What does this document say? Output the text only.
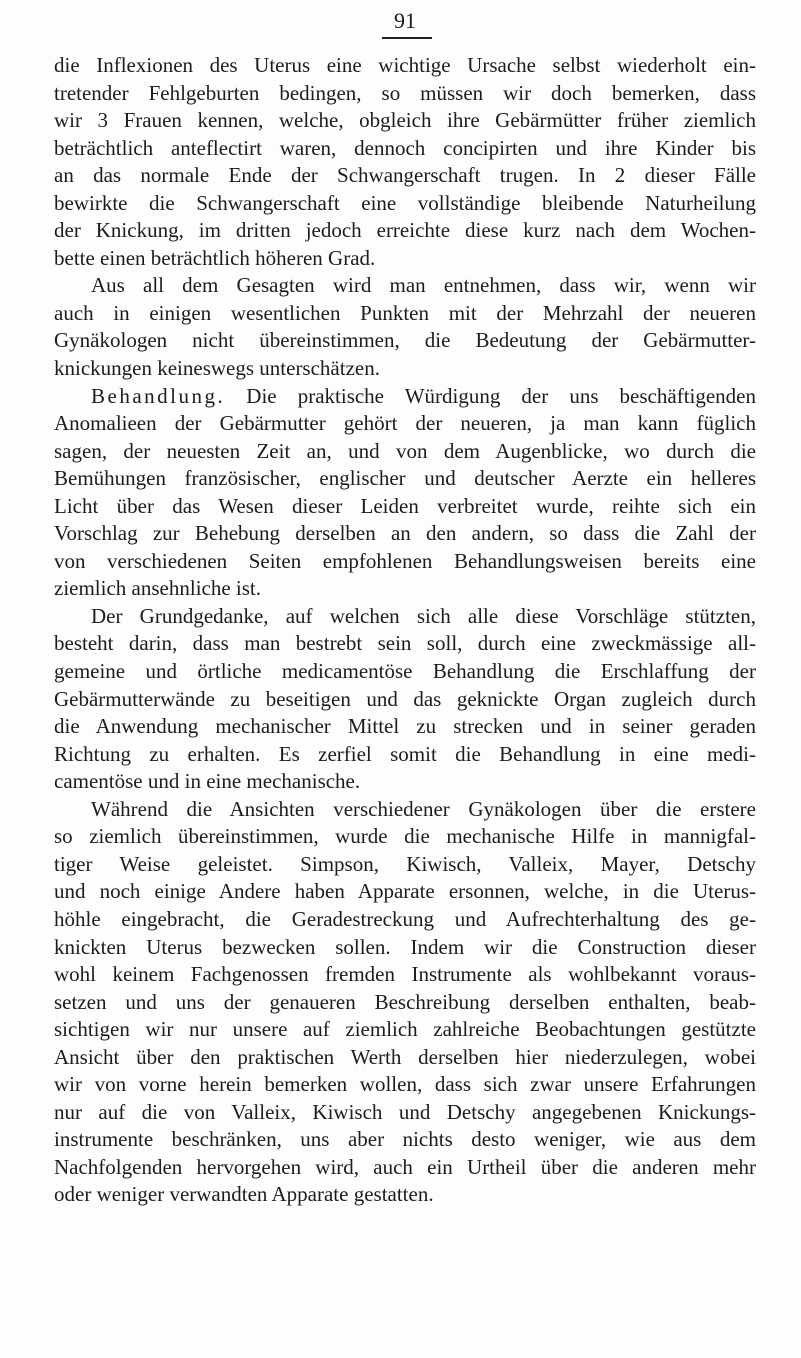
91
die Inflexionen des Uterus eine wichtige Ursache selbst wiederholt ein-
tretender Fehlgeburten bedingen, so müssen wir doch bemerken, dass
wir 3 Frauen kennen, welche, obgleich ihre Gebärmütter früher ziemlich
beträchtlich anteflectirt waren, dennoch concipirten und ihre Kinder bis
an das normale Ende der Schwangerschaft trugen. In 2 dieser Fälle
bewirkte die Schwangerschaft eine vollständige bleibende Naturheilung
der Knickung, im dritten jedoch erreichte diese kurz nach dem Wochen-
bette einen beträchtlich höheren Grad.
Aus all dem Gesagten wird man entnehmen, dass wir, wenn wir
auch in einigen wesentlichen Punkten mit der Mehrzahl der neueren
Gynäkologen nicht übereinstimmen, die Bedeutung der Gebärmutter-
knickungen keineswegs unterschätzen.
Behandlung. Die praktische Würdigung der uns beschäftigenden
Anomalieen der Gebärmutter gehört der neueren, ja man kann füglich
sagen, der neuesten Zeit an, und von dem Augenblicke, wo durch die
Bemühungen französischer, englischer und deutscher Aerzte ein helleres
Licht über das Wesen dieser Leiden verbreitet wurde, reihte sich ein
Vorschlag zur Behebung derselben an den andern, so dass die Zahl der
von verschiedenen Seiten empfohlenen Behandlungsweisen bereits eine
ziemlich ansehnliche ist.
Der Grundgedanke, auf welchen sich alle diese Vorschläge stützten,
besteht darin, dass man bestrebt sein soll, durch eine zweckmässige all-
gemeine und örtliche medicamentöse Behandlung die Erschlaffung der
Gebärmutterwände zu beseitigen und das geknickte Organ zugleich durch
die Anwendung mechanischer Mittel zu strecken und in seiner geraden
Richtung zu erhalten. Es zerfiel somit die Behandlung in eine medi-
camentöse und in eine mechanische.
Während die Ansichten verschiedener Gynäkologen über die erstere
so ziemlich übereinstimmen, wurde die mechanische Hilfe in mannigfal-
tiger Weise geleistet. Simpson, Kiwisch, Valleix, Mayer, Detschy
und noch einige Andere haben Apparate ersonnen, welche, in die Uterus-
höhle eingebracht, die Geradestreckung und Aufrechterhaltung des ge-
knickten Uterus bezwecken sollen. Indem wir die Construction dieser
wohl keinem Fachgenossen fremden Instrumente als wohlbekannt voraus-
setzen und uns der genaueren Beschreibung derselben enthalten, beab-
sichtigen wir nur unsere auf ziemlich zahlreiche Beobachtungen gestützte
Ansicht über den praktischen Werth derselben hier niederzulegen, wobei
wir von vorne herein bemerken wollen, dass sich zwar unsere Erfahrungen
nur auf die von Valleix, Kiwisch und Detschy angegebenen Knickungs-
instrumente beschränken, uns aber nichts desto weniger, wie aus dem
Nachfolgenden hervorgehen wird, auch ein Urtheil über die anderen mehr
oder weniger verwandten Apparate gestatten.
